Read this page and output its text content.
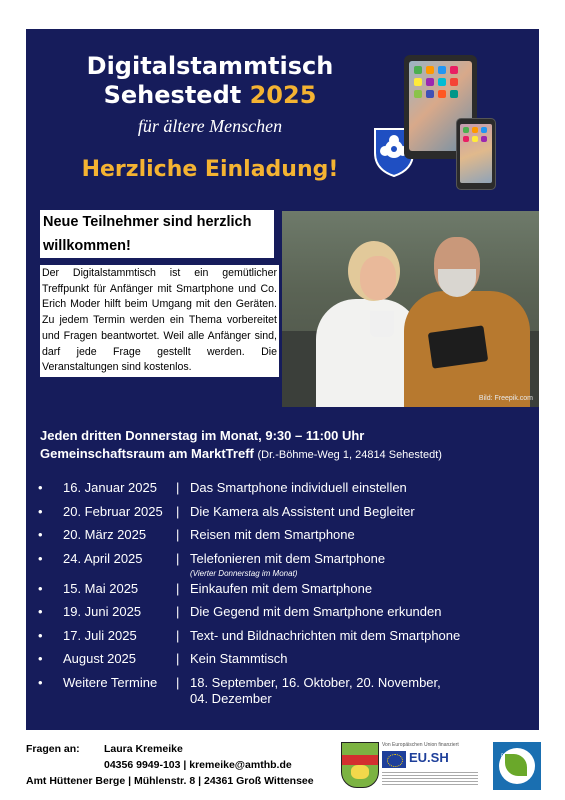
Digitalstammtisch
Sehestedt 2025
für ältere Menschen
Herzliche Einladung!
Neue Teilnehmer sind herzlich
willkommen!
Der Digitalstammtisch ist ein gemütlicher Treffpunkt für Anfänger mit Smartphone und Co. Erich Moder hilft beim Umgang mit den Geräten. Zu jedem Termin werden ein Thema vorbereitet und Fragen beantwortet. Weil alle Anfänger sind, darf jede Frage gestellt werden. Die Veranstaltungen sind kostenlos.
Bild: Freepik.com
Jeden dritten Donnerstag im Monat, 9:30 – 11:00 Uhr
Gemeinschaftsraum am MarktTreff (Dr.-Böhme-Weg 1, 24814 Sehestedt)
• 16. Januar 2025 | Das Smartphone individuell einstellen
• 20. Februar 2025 | Die Kamera als Assistent und Begleiter
• 20. März 2025 | Reisen mit dem Smartphone
• 24. April 2025	| Telefonieren mit dem Smartphone
(Vierter Donnerstag im Monat)
• 15. Mai 2025	| Einkaufen mit dem Smartphone
• 19. Juni 2025	| Die Gegend mit dem Smartphone erkunden
• 17. Juli 2025	| Text- und Bildnachrichten mit dem Smartphone
• August 2025	| Kein Stammtisch
• Weitere Termine | 18. September, 16. Oktober, 20. November,
04. Dezember
Fragen an: Laura Kremeike
04356 9949-103 | kremeike@amthb.de
Amt Hüttener Berge | Mühlenstr. 8 | 24361 Groß Wittensee
Von Europäischen Union finanziert
EU.SH	LEADER
